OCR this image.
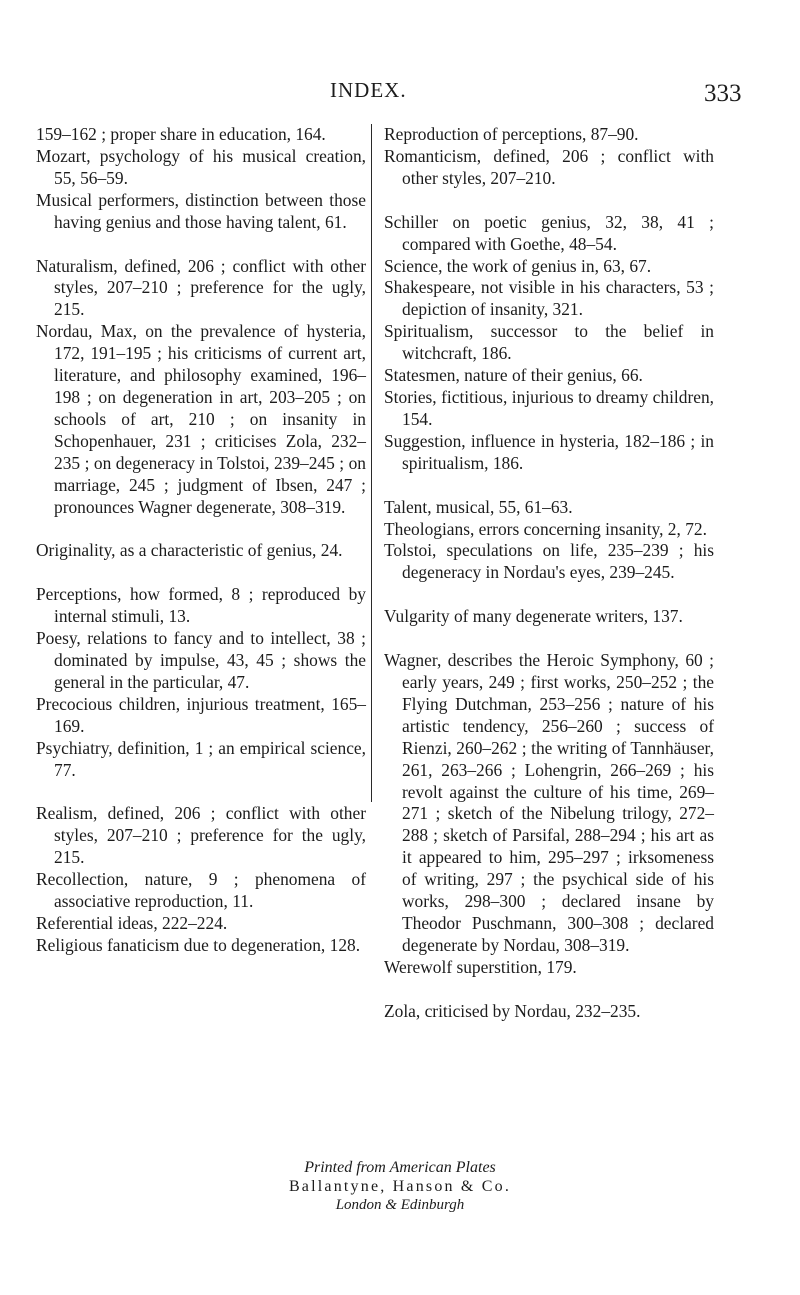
INDEX.	333

159–162 ; proper share in education, 164.

Mozart, psychology of his musical creation, 55, 56–59.

Musical performers, distinction between those having genius and those having talent, 61.

Naturalism, defined, 206 ; conflict with other styles, 207–210 ; preference for the ugly, 215.

Nordau, Max, on the prevalence of hysteria, 172, 191–195 ; his criticisms of current art, literature, and philosophy examined, 196–198 ; on degeneration in art, 203–205 ; on schools of art, 210 ; on insanity in Schopenhauer, 231 ; criticises Zola, 232–235 ; on degeneracy in Tolstoi, 239–245 ; on marriage, 245 ; judgment of Ibsen, 247 ; pronounces Wagner degenerate, 308–319.

Originality, as a characteristic of genius, 24.

Perceptions, how formed, 8 ; reproduced by internal stimuli, 13.

Poesy, relations to fancy and to intellect, 38 ; dominated by impulse, 43, 45 ; shows the general in the particular, 47.

Precocious children, injurious treatment, 165–169.

Psychiatry, definition, 1 ; an empirical science, 77.

Realism, defined, 206 ; conflict with other styles, 207–210 ; preference for the ugly, 215.

Recollection, nature, 9 ; phenomena of associative reproduction, 11.

Referential ideas, 222–224.

Religious fanaticism due to degeneration, 128.

Reproduction of perceptions, 87–90.

Romanticism, defined, 206 ; conflict with other styles, 207–210.

Schiller on poetic genius, 32, 38, 41 ; compared with Goethe, 48–54.

Science, the work of genius in, 63, 67.

Shakespeare, not visible in his characters, 53 ; depiction of insanity, 321.

Spiritualism, successor to the belief in witchcraft, 186.

Statesmen, nature of their genius, 66.

Stories, fictitious, injurious to dreamy children, 154.

Suggestion, influence in hysteria, 182–186 ; in spiritualism, 186.

Talent, musical, 55, 61–63.

Theologians, errors concerning insanity, 2, 72.

Tolstoi, speculations on life, 235–239 ; his degeneracy in Nordau's eyes, 239–245.

Vulgarity of many degenerate writers, 137.

Wagner, describes the Heroic Symphony, 60 ; early years, 249 ; first works, 250–252 ; the Flying Dutchman, 253–256 ; nature of his artistic tendency, 256–260 ; success of Rienzi, 260–262 ; the writing of Tannhäuser, 261, 263–266 ; Lohengrin, 266–269 ; his revolt against the culture of his time, 269–271 ; sketch of the Nibelung trilogy, 272–288 ; sketch of Parsifal, 288–294 ; his art as it appeared to him, 295–297 ; irksomeness of writing, 297 ; the psychical side of his works, 298–300 ; declared insane by Theodor Puschmann, 300–308 ; declared degenerate by Nordau, 308–319.

Werewolf superstition, 179.

Zola, criticised by Nordau, 232–235.

Printed from American Plates
Ballantyne, Hanson & Co.
London & Edinburgh
